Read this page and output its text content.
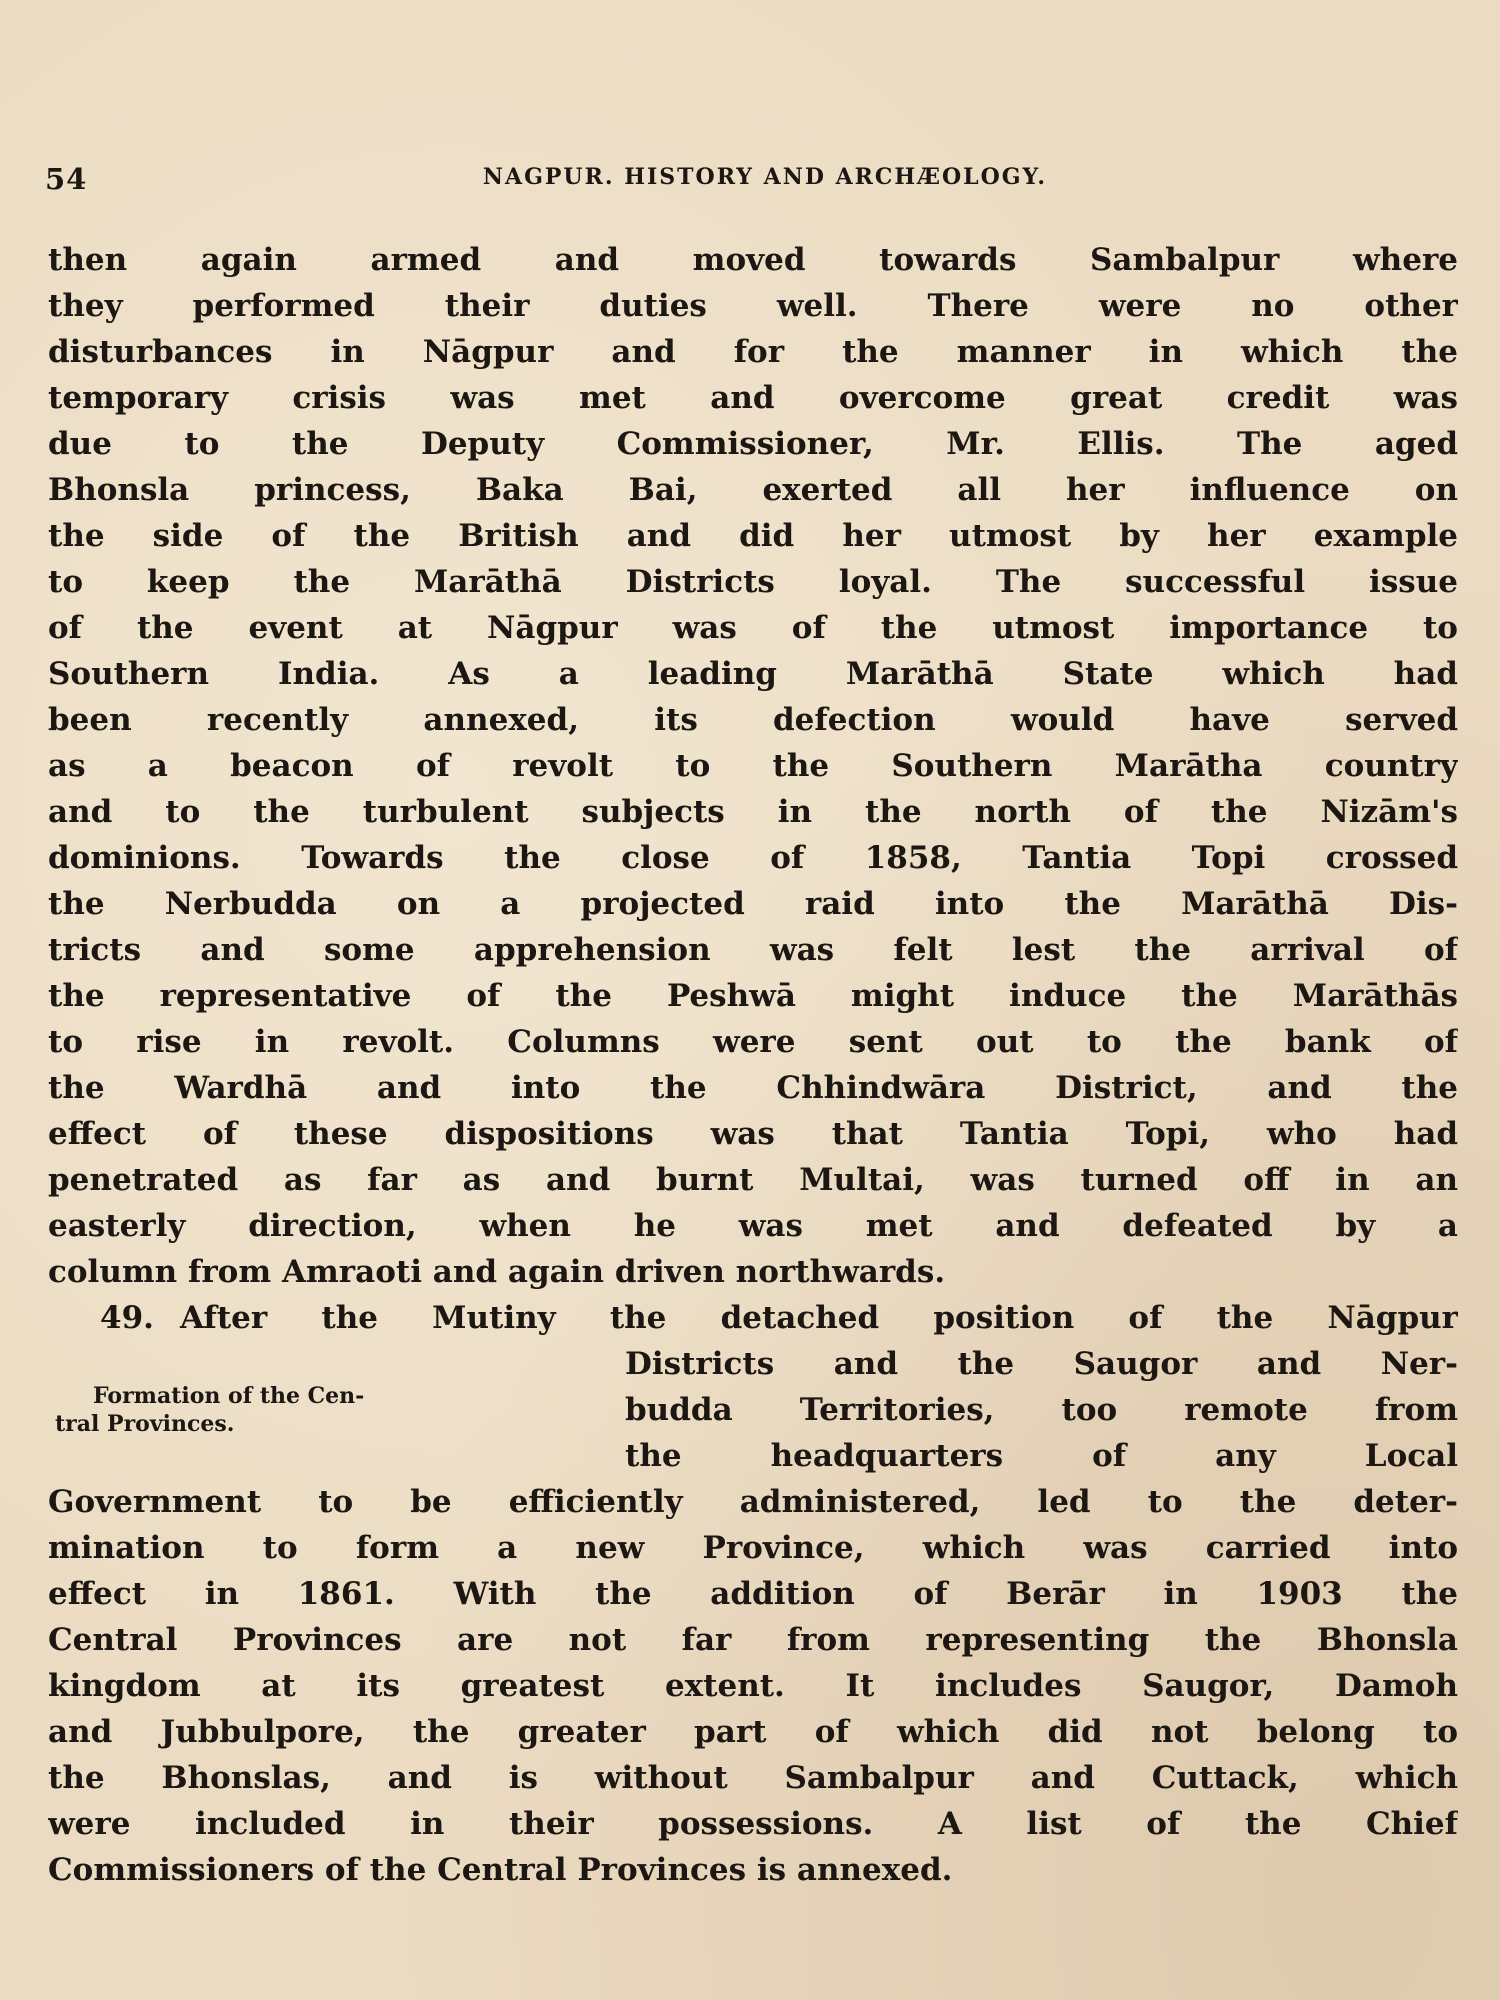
54	NAGPUR. HISTORY AND ARCHÆOLOGY.
then again armed and moved towards Sambalpur where
they performed their duties well. There were no other
disturbances in Nāgpur and for the manner in which the
temporary crisis was met and overcome great credit was
due to the Deputy Commissioner, Mr. Ellis. The aged
Bhonsla princess, Baka Bai, exerted all her influence on
the side of the British and did her utmost by her example
to keep the Marāthā Districts loyal. The successful issue
of the event at Nāgpur was of the utmost importance to
Southern India. As a leading Marāthā State which had
been recently annexed, its defection would have served
as a beacon of revolt to the Southern Marātha country
and to the turbulent subjects in the north of the Nizām's
dominions. Towards the close of 1858, Tantia Topi crossed
the Nerbudda on a projected raid into the Marāthā Dis-
tricts and some apprehension was felt lest the arrival of
the representative of the Peshwā might induce the Marāthās
to rise in revolt. Columns were sent out to the bank of
the Wardhā and into the Chhindwāra District, and the
effect of these dispositions was that Tantia Topi, who had
penetrated as far as and burnt Multai, was turned off in an
easterly direction, when he was met and defeated by a
column from Amraoti and again driven northwards.
49. After the Mutiny the detached position of the Nāgpur
Formation of the Cen-
tral Provinces.
Districts and the Saugor and Ner-
budda Territories, too remote from
the headquarters of any Local
Government to be efficiently administered, led to the deter-
mination to form a new Province, which was carried into
effect in 1861. With the addition of Berār in 1903 the
Central Provinces are not far from representing the Bhonsla
kingdom at its greatest extent. It includes Saugor, Damoh
and Jubbulpore, the greater part of which did not belong to
the Bhonslas, and is without Sambalpur and Cuttack, which
were included in their possessions. A list of the Chief
Commissioners of the Central Provinces is annexed.
